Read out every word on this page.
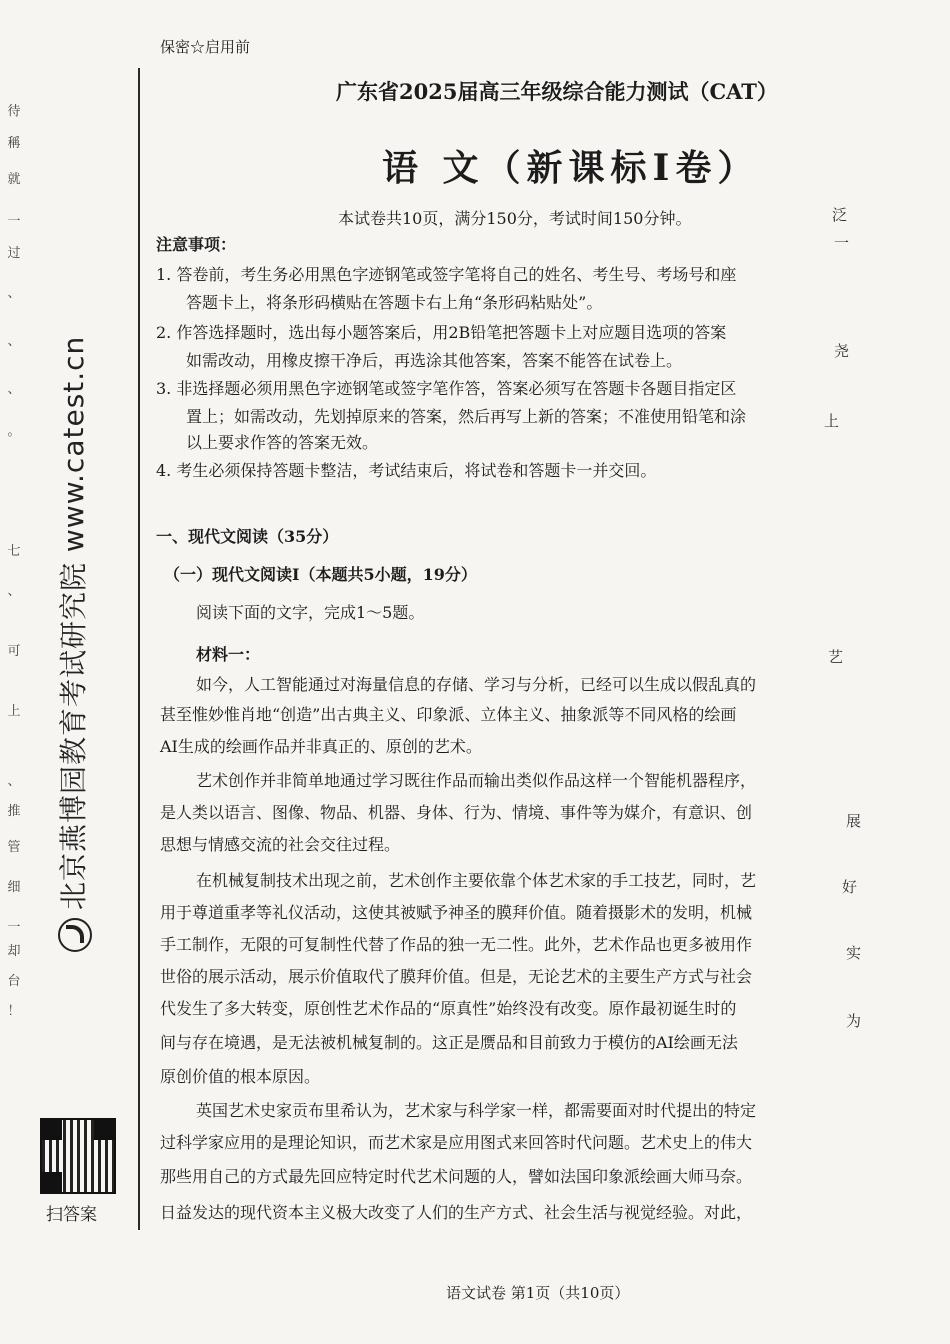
待
稱
就
一
过
、
、
、
。
七
、
可
上
、
推
管
细
一
却
台
！
北京燕博园教育考试研究院 www.catest.cn
扫答案
保密☆启用前
广东省2025届高三年级综合能力测试（CAT）
语 文（新课标Ⅰ卷）
本试卷共10页，满分150分，考试时间150分钟。
注意事项：
1. 答卷前，考生务必用黑色字迹钢笔或签字笔将自己的姓名、考生号、考场号和座
答题卡上，将条形码横贴在答题卡右上角“条形码粘贴处”。
2. 作答选择题时，选出每小题答案后，用2B铅笔把答题卡上对应题目选项的答案
如需改动，用橡皮擦干净后，再选涂其他答案，答案不能答在试卷上。
3. 非选择题必须用黑色字迹钢笔或签字笔作答，答案必须写在答题卡各题目指定区
置上；如需改动，先划掉原来的答案，然后再写上新的答案；不准使用铅笔和涂
以上要求作答的答案无效。
4. 考生必须保持答题卡整洁，考试结束后，将试卷和答题卡一并交回。
一、现代文阅读（35分）
（一）现代文阅读Ⅰ（本题共5小题，19分）
阅读下面的文字，完成1～5题。
材料一：
如今，人工智能通过对海量信息的存储、学习与分析，已经可以生成以假乱真的
甚至惟妙惟肖地“创造”出古典主义、印象派、立体主义、抽象派等不同风格的绘画
AI生成的绘画作品并非真正的、原创的艺术。
艺术创作并非简单地通过学习既往作品而输出类似作品这样一个智能机器程序，
是人类以语言、图像、物品、机器、身体、行为、情境、事件等为媒介，有意识、创
思想与情感交流的社会交往过程。
在机械复制技术出现之前，艺术创作主要依靠个体艺术家的手工技艺，同时，艺
用于尊道重孝等礼仪活动，这使其被赋予神圣的膜拜价值。随着摄影术的发明，机械
手工制作，无限的可复制性代替了作品的独一无二性。此外，艺术作品也更多被用作
世俗的展示活动，展示价值取代了膜拜价值。但是，无论艺术的主要生产方式与社会
代发生了多大转变，原创性艺术作品的“原真性”始终没有改变。原作最初诞生时的
间与存在境遇，是无法被机械复制的。这正是赝品和目前致力于模仿的AI绘画无法
原创价值的根本原因。
英国艺术史家贡布里希认为，艺术家与科学家一样，都需要面对时代提出的特定
过科学家应用的是理论知识，而艺术家是应用图式来回答时代问题。艺术史上的伟大
那些用自己的方式最先回应特定时代艺术问题的人，譬如法国印象派绘画大师马奈。
日益发达的现代资本主义极大改变了人们的生产方式、社会生活与视觉经验。对此，
泛
一
尧
上
艺
展
好
实
为
语文试卷 第1页（共10页）
